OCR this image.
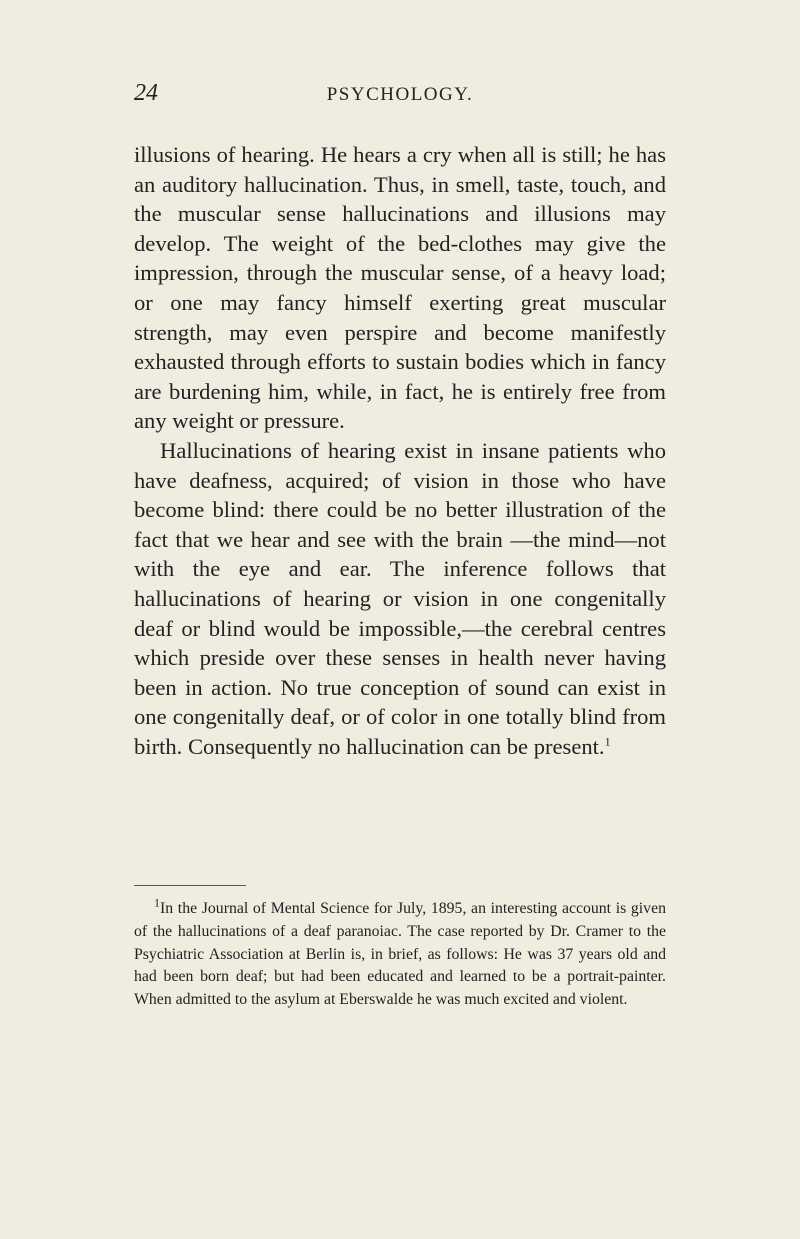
24	PSYCHOLOGY.

illusions of hearing. He hears a cry when all is still; he has an auditory hallucination. Thus, in smell, taste, touch, and the muscular sense hallucinations and illusions may develop. The weight of the bed-clothes may give the impression, through the muscular sense, of a heavy load; or one may fancy himself exerting great muscular strength, may even perspire and become manifestly exhausted through efforts to sustain bodies which in fancy are burdening him, while, in fact, he is entirely free from any weight or pressure.

Hallucinations of hearing exist in insane patients who have deafness, acquired; of vision in those who have become blind: there could be no better illustration of the fact that we hear and see with the brain —the mind—not with the eye and ear. The inference follows that hallucinations of hearing or vision in one congenitally deaf or blind would be impossible,—the cerebral centres which preside over these senses in health never having been in action. No true conception of sound can exist in one congenitally deaf, or of color in one totally blind from birth. Consequently no hallucination can be present.$^1$

$^1$In the Journal of Mental Science for July, 1895, an interesting account is given of the hallucinations of a deaf paranoiac. The case reported by Dr. Cramer to the Psychiatric Association at Berlin is, in brief, as follows: He was 37 years old and had been born deaf; but had been educated and learned to be a portrait-painter. When admitted to the asylum at Eberswalde he was much excited and violent.
